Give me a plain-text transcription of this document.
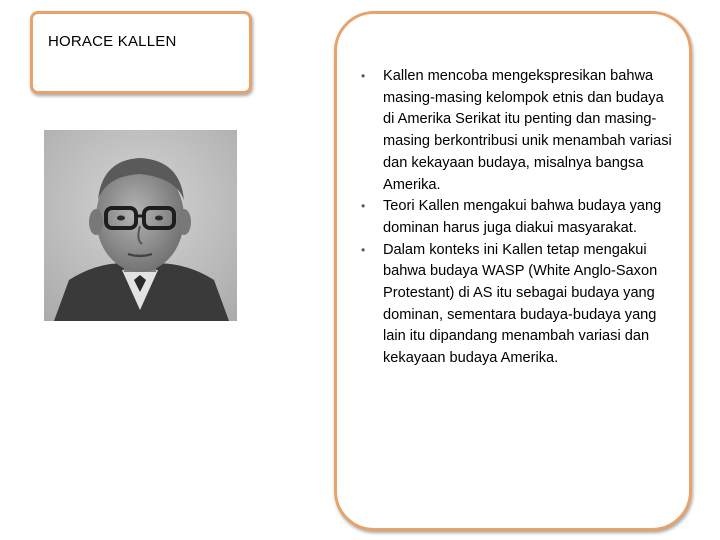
HORACE KALLEN
• Kallen mencoba mengekspresikan bahwa masing-masing kelompok etnis dan budaya di Amerika Serikat itu penting dan masing-masing berkontribusi unik menambah variasi dan kekayaan budaya, misalnya bangsa Amerika.
• Teori Kallen mengakui bahwa budaya yang dominan harus juga diakui masyarakat.
• Dalam konteks ini Kallen tetap mengakui bahwa budaya WASP (White Anglo-Saxon Protestant) di AS itu sebagai budaya yang dominan, sementara budaya-budaya yang lain itu dipandang menambah variasi dan kekayaan budaya Amerika.
